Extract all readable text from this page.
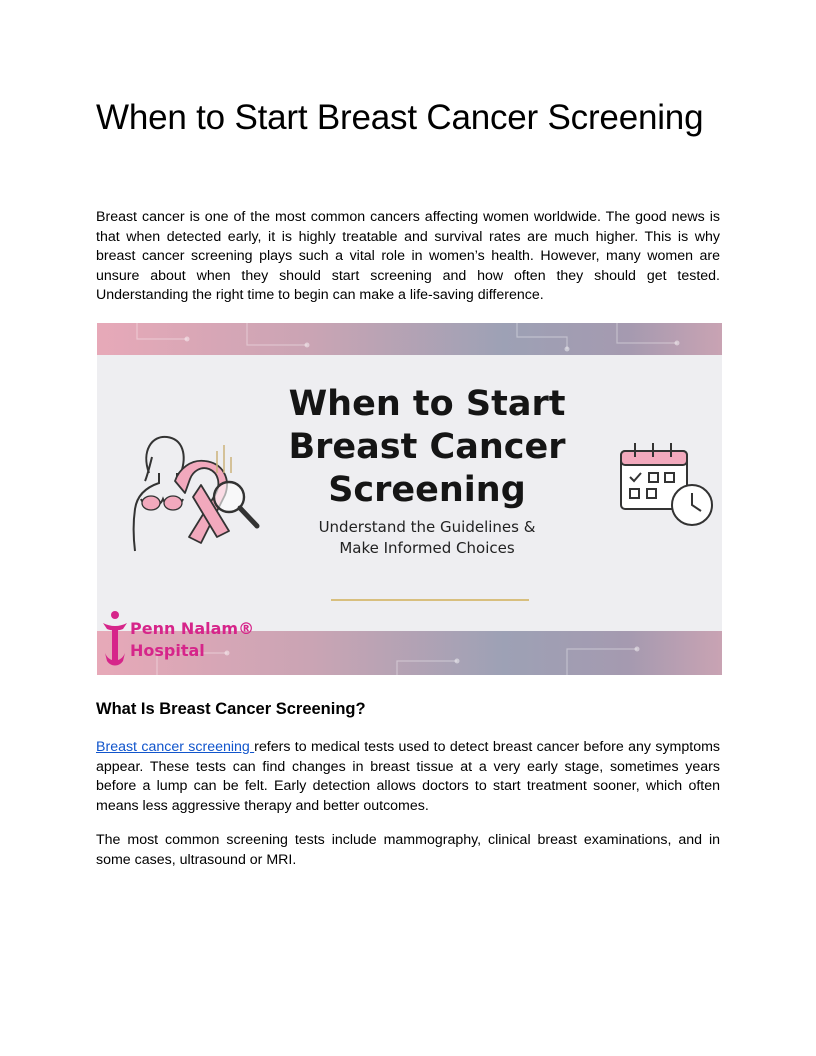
When to Start Breast Cancer Screening

Breast cancer is one of the most common cancers affecting women worldwide. The good news is that when detected early, it is highly treatable and survival rates are much higher. This is why breast cancer screening plays such a vital role in women’s health. However, many women are unsure about when they should start screening and how often they should get tested. Understanding the right time to begin can make a life-saving difference.

When to Start

Breast Cancer

Screening

Understand the Guidelines &

Make Informed Choices

Penn Nalam®

Hospital

What Is Breast Cancer Screening?

Breast cancer screening refers to medical tests used to detect breast cancer before any symptoms appear. These tests can find changes in breast tissue at a very early stage, sometimes years before a lump can be felt. Early detection allows doctors to start treatment sooner, which often means less aggressive therapy and better outcomes.

The most common screening tests include mammography, clinical breast examinations, and in some cases, ultrasound or MRI.
